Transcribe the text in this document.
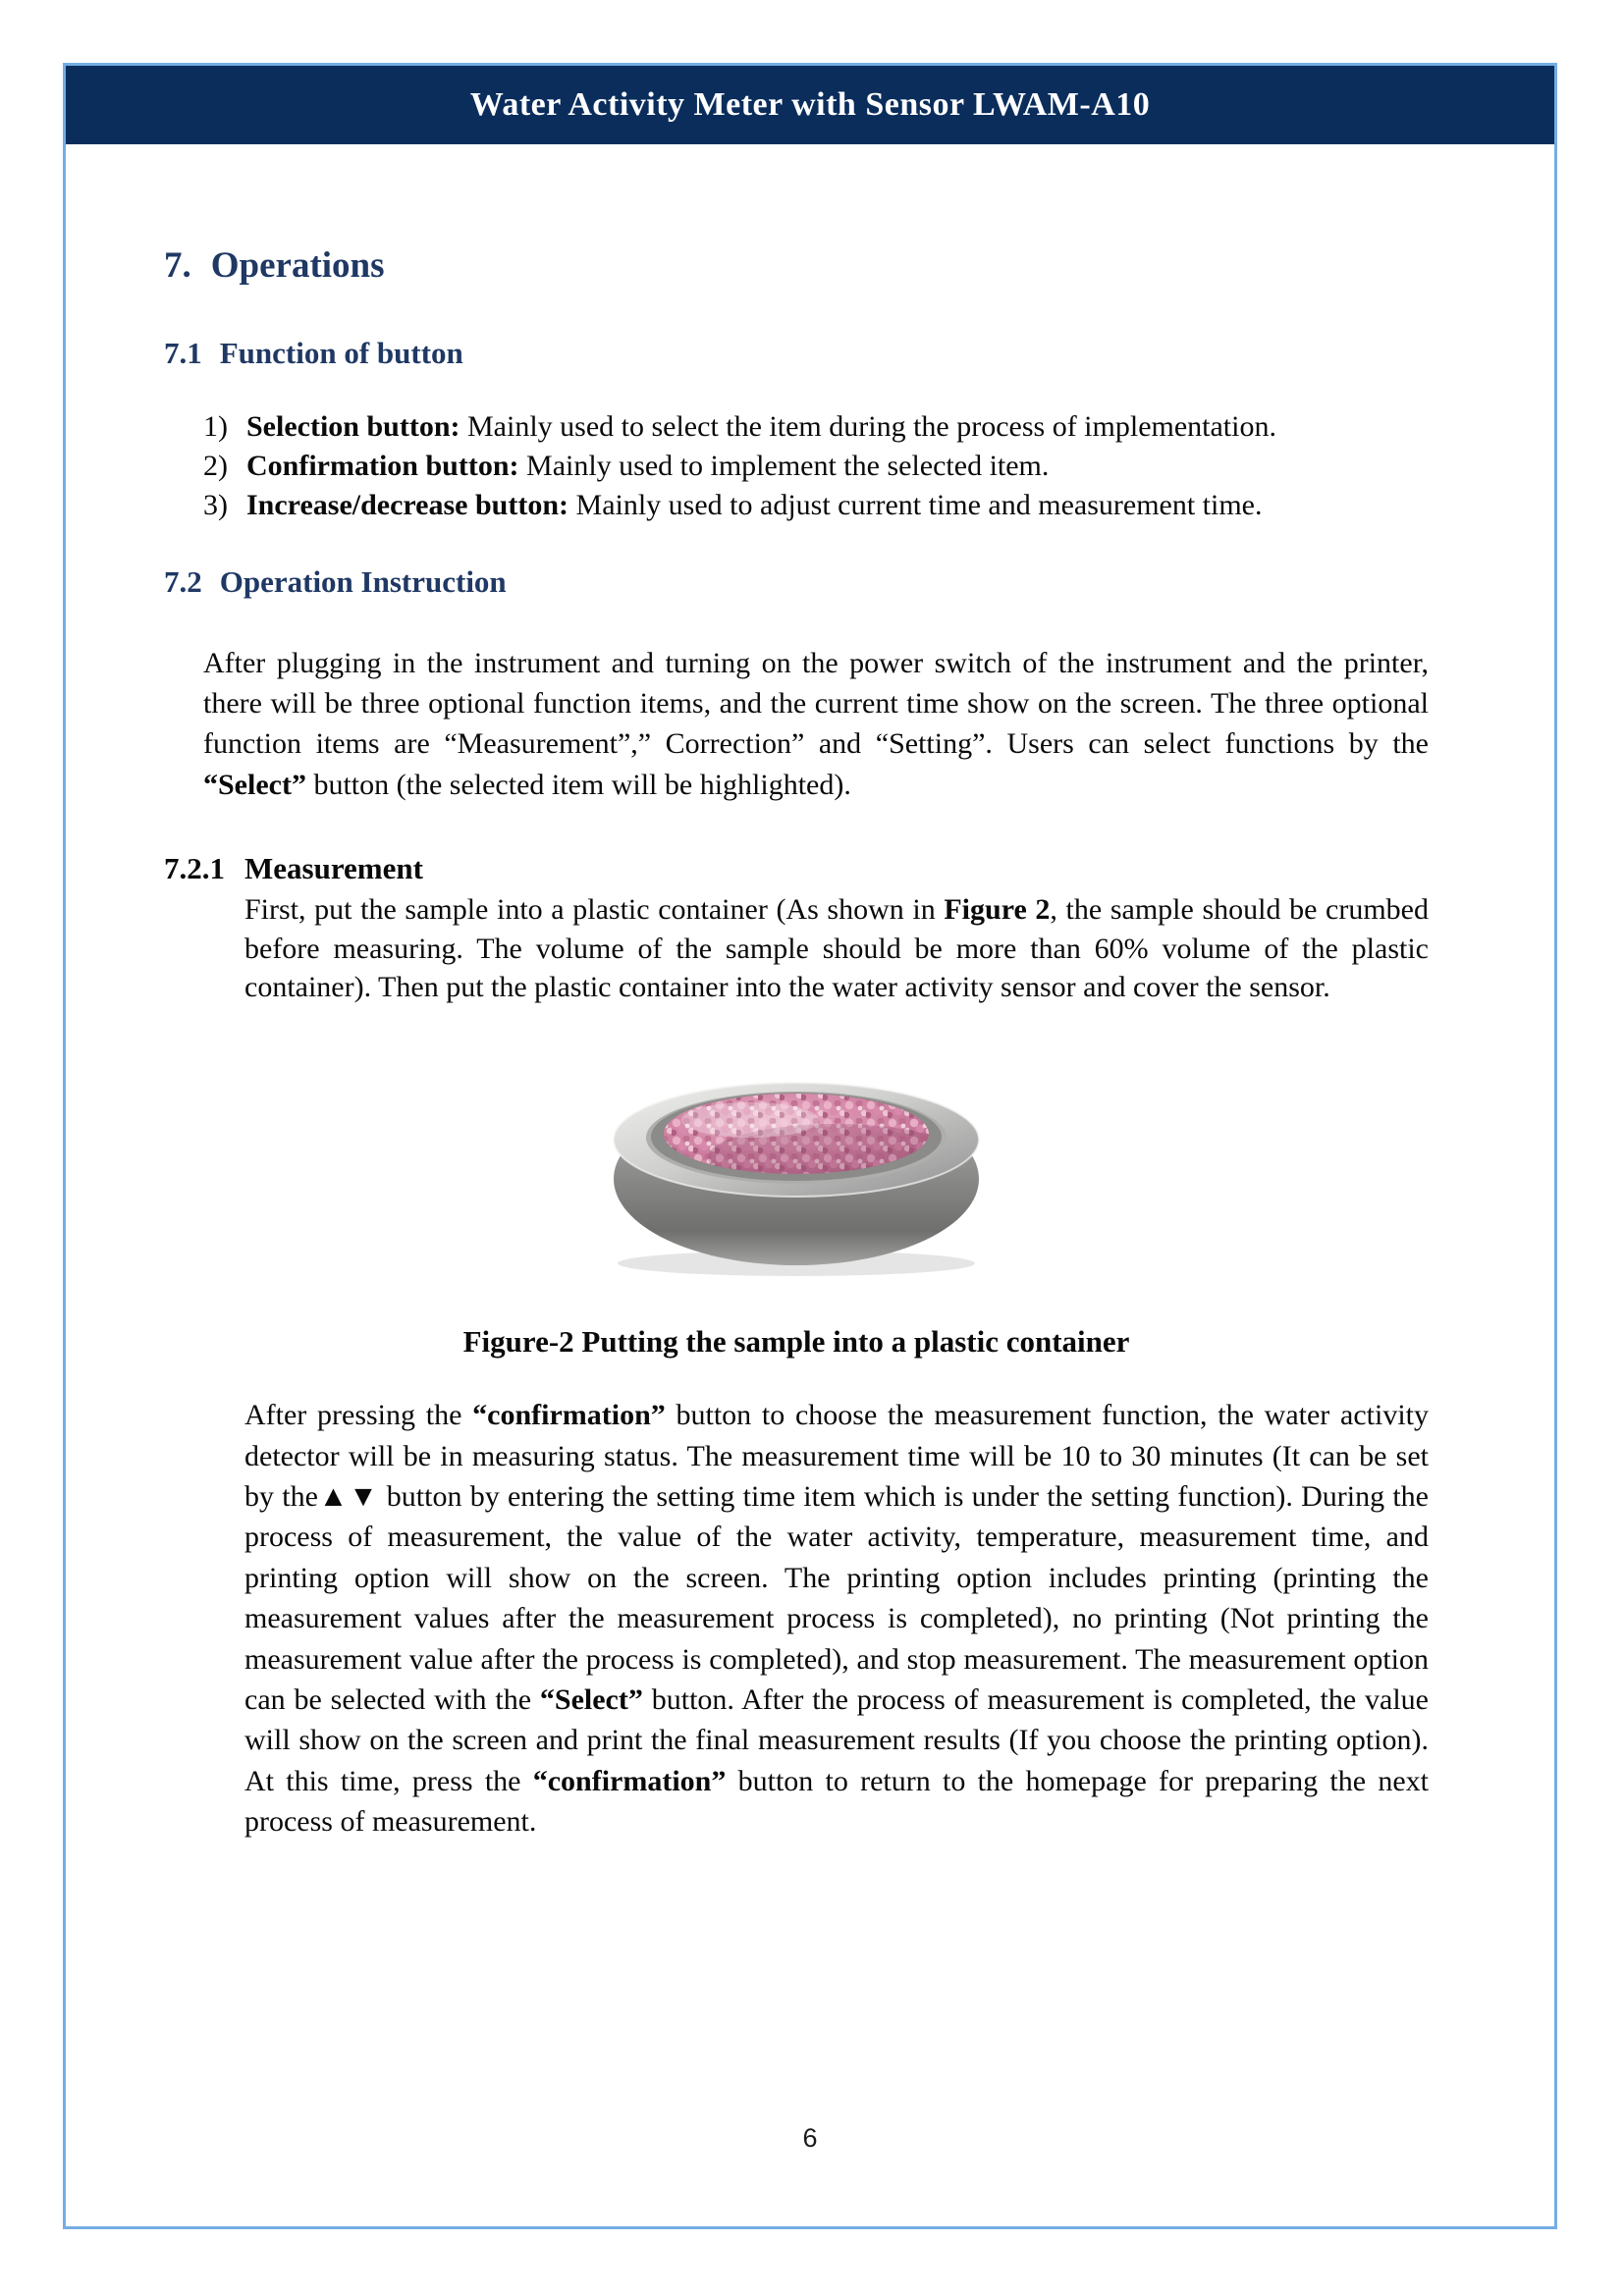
Water Activity Meter with Sensor LWAM-A10
7. Operations
7.1 Function of button
1) Selection button: Mainly used to select the item during the process of implementation.
2) Confirmation button: Mainly used to implement the selected item.
3) Increase/decrease button: Mainly used to adjust current time and measurement time.
7.2 Operation Instruction

After plugging in the instrument and turning on the power switch of the instrument and the printer, there will be three optional function items, and the current time show on the screen. The three optional function items are “Measurement”,” Correction” and “Setting”. Users can select functions by the “Select” button (the selected item will be highlighted).

7.2.1 Measurement

First, put the sample into a plastic container (As shown in Figure 2, the sample should be crumbed before measuring. The volume of the sample should be more than 60% volume of the plastic container). Then put the plastic container into the water activity sensor and cover the sensor.

Figure-2 Putting the sample into a plastic container

After pressing the “confirmation” button to choose the measurement function, the water activity detector will be in measuring status. The measurement time will be 10 to 30 minutes (It can be set by the▲▼ button by entering the setting time item which is under the setting function). During the process of measurement, the value of the water activity, temperature, measurement time, and printing option will show on the screen. The printing option includes printing (printing the measurement values after the measurement process is completed), no printing (Not printing the measurement value after the process is completed), and stop measurement. The measurement option can be selected with the “Select” button. After the process of measurement is completed, the value will show on the screen and print the final measurement results (If you choose the printing option). At this time, press the “confirmation” button to return to the homepage for preparing the next process of measurement.

6
